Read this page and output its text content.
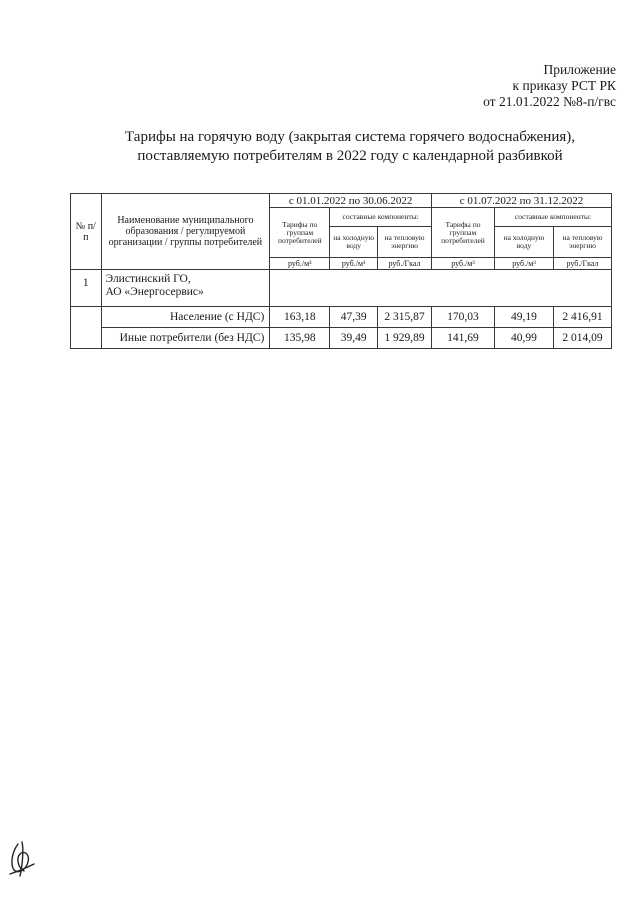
Приложение
к приказу РСТ РК
от 21.01.2022 №8-п/гвс
Тарифы на горячую воду (закрытая система горячего водоснабжения),
поставляемую потребителям в 2022 году с календарной разбивкой
№ п/п	Наименование муниципального образования / регулируемой организации / группы потребителей	с 01.01.2022 по 30.06.2022			с 01.07.2022 по 31.12.2022		
		Тарифы по группам потребителей	составные компоненты:		Тарифы по группам потребителей	составные компоненты:	
			на холодную воду	на тепловую энергию		на холодную воду	на тепловую энергию
		руб./м³	руб./м³	руб./Гкал	руб./м³	руб./м³	руб./Гкал
1	Элистинский ГО,
АО «Энергосервис»						

	Население (с НДС)	163,18	47,39	2 315,87	170,03	49,19	2 416,91
	Иные потребители (без НДС)	135,98	39,49	1 929,89	141,69	40,99	2 014,09
